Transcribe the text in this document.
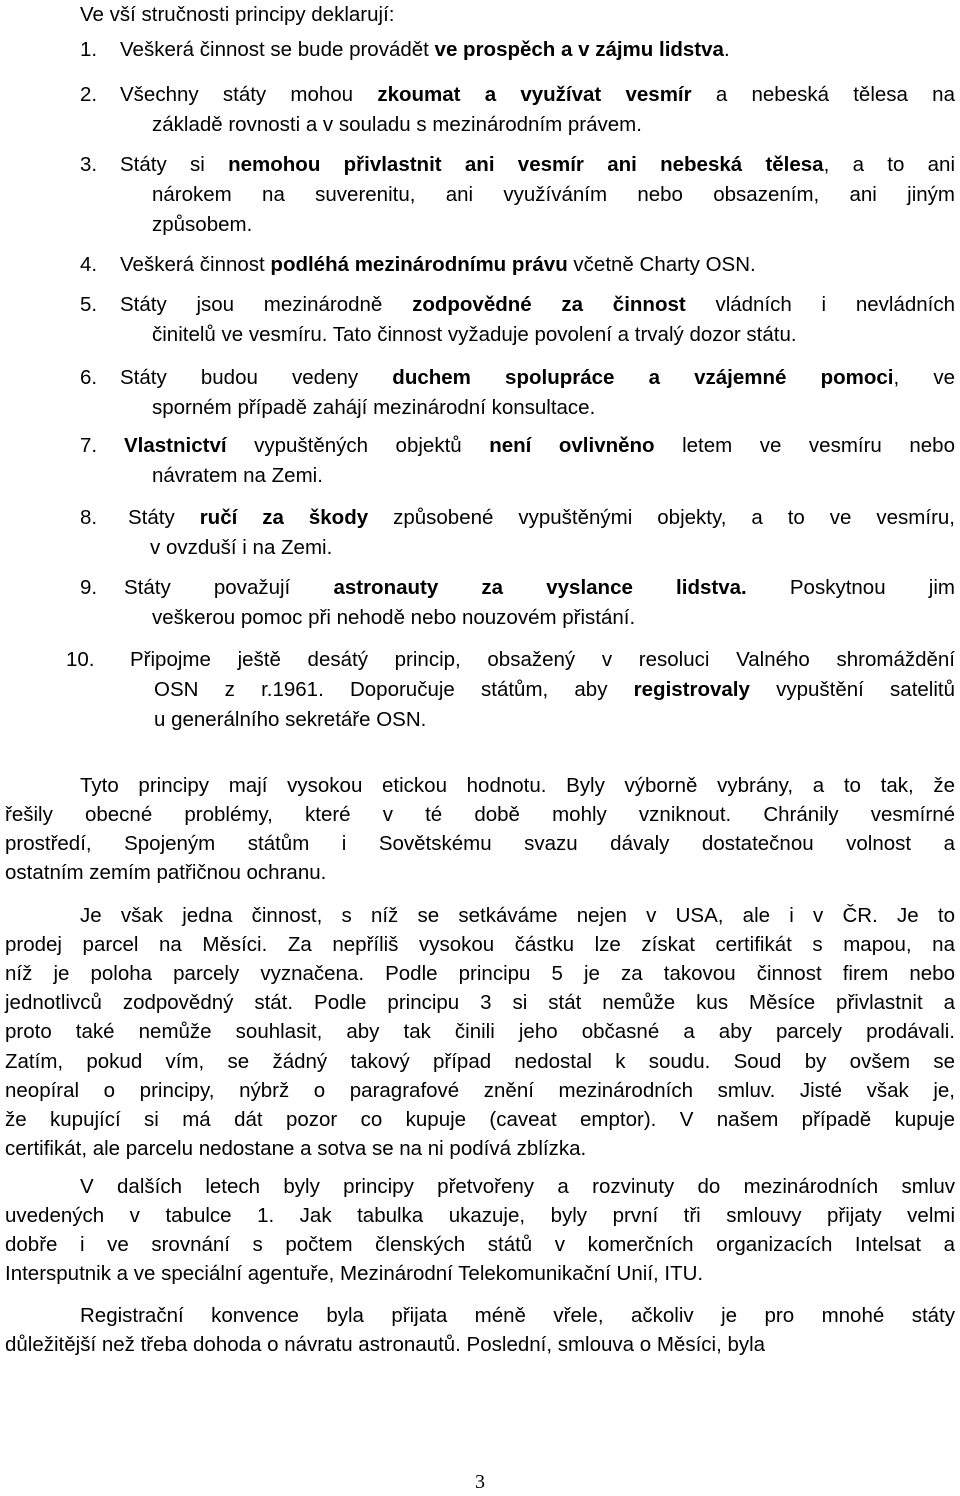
Ve vší stručnosti principy deklarují:
1. Veškerá činnost se bude provádět ve prospěch a v zájmu lidstva.
2. Všechny státy mohou zkoumat a využívat vesmír a nebeská tělesa na
základě rovnosti a v souladu s mezinárodním právem.
3. Státy si nemohou přivlastnit ani vesmír ani nebeská tělesa, a to ani
nárokem na suverenitu, ani využíváním nebo obsazením, ani jiným
způsobem.
4. Veškerá činnost podléhá mezinárodnímu právu včetně Charty OSN.
5. Státy jsou mezinárodně zodpovědné za činnost vládních i nevládních
činitelů ve vesmíru. Tato činnost vyžaduje povolení a trvalý dozor státu.
6. Státy budou vedeny duchem spolupráce a vzájemné pomoci, ve
sporném případě zahájí mezinárodní konsultace.
7. Vlastnictví vypuštěných objektů není ovlivněno letem ve vesmíru nebo
návratem na Zemi.
8. Státy ručí za škody způsobené vypuštěnými objekty, a to ve vesmíru,
v ovzduší i na Zemi.
9. Státy považují astronauty za vyslance lidstva. Poskytnou jim
veškerou pomoc při nehodě nebo nouzovém přistání.
10. Připojme ještě desátý princip, obsažený v resoluci Valného shromáždění
OSN z r.1961. Doporučuje státům, aby registrovaly vypuštění satelitů
u generálního sekretáře OSN.
Tyto principy mají vysokou etickou hodnotu. Byly výborně vybrány, a to tak, že
řešily obecné problémy, které v té době mohly vzniknout. Chránily vesmírné
prostředí, Spojeným státům i Sovětskému svazu dávaly dostatečnou volnost a
ostatním zemím patřičnou ochranu.
Je však jedna činnost, s níž se setkáváme nejen v USA, ale i v ČR. Je to
prodej parcel na Měsíci. Za nepříliš vysokou částku lze získat certifikát s mapou, na
níž je poloha parcely vyznačena. Podle principu 5 je za takovou činnost firem nebo
jednotlivců zodpovědný stát. Podle principu 3 si stát nemůže kus Měsíce přivlastnit a
proto také nemůže souhlasit, aby tak činili jeho občasné a aby parcely prodávali.
Zatím, pokud vím, se žádný takový případ nedostal k soudu. Soud by ovšem se
neopíral o principy, nýbrž o paragrafové znění mezinárodních smluv. Jisté však je,
že kupující si má dát pozor co kupuje (caveat emptor). V našem případě kupuje
certifikát, ale parcelu nedostane a sotva se na ni podívá zblízka.
V dalších letech byly principy přetvořeny a rozvinuty do mezinárodních smluv
uvedených v tabulce 1. Jak tabulka ukazuje, byly první tři smlouvy přijaty velmi
dobře i ve srovnání s počtem členských států v komerčních organizacích Intelsat a
Intersputnik a ve speciální agentuře, Mezinárodní Telekomunikační Unií, ITU.
Registrační konvence byla přijata méně vřele, ačkoliv je pro mnohé státy
důležitější než třeba dohoda o návratu astronautů. Poslední, smlouva o Měsíci, byla
3
